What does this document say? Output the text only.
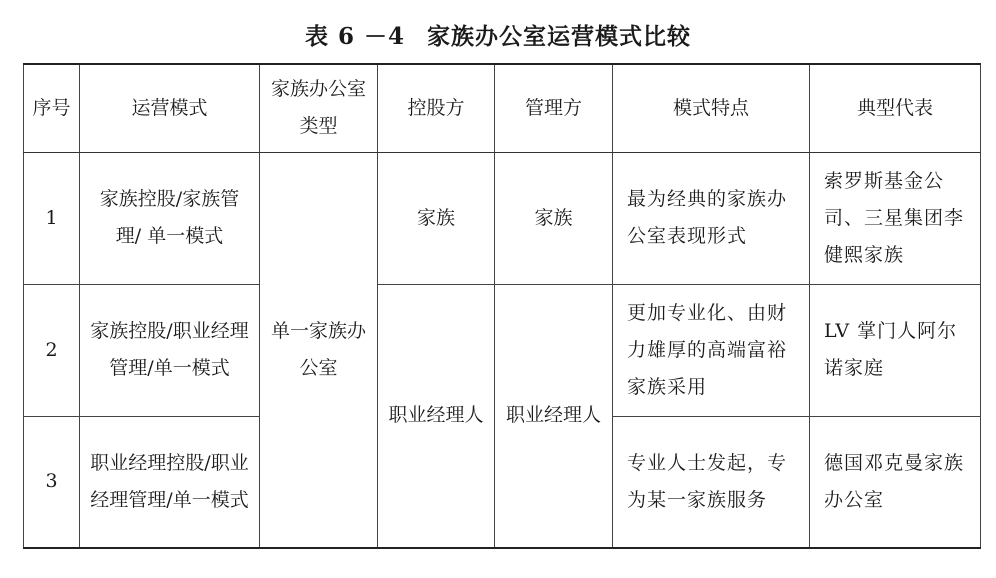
表 6 －4 家族办公室运营模式比较
序号	运营模式	家族办公室类型	控股方	管理方	模式特点	典型代表
1	家族控股/家族管理/ 单一模式	单一家族办公室	家族	家族	最为经典的家族办公室表现形式	索罗斯基金公司、三星集团李健熙家族
2	家族控股/职业经理管理/单一模式		职业经理人	职业经理人	更加专业化、由财力雄厚的高端富裕家族采用	LV 掌门人阿尔诺家庭
3	职业经理控股/职业经理管理/单一模式				专业人士发起，专为某一家族服务	德国邓克曼家族办公室
